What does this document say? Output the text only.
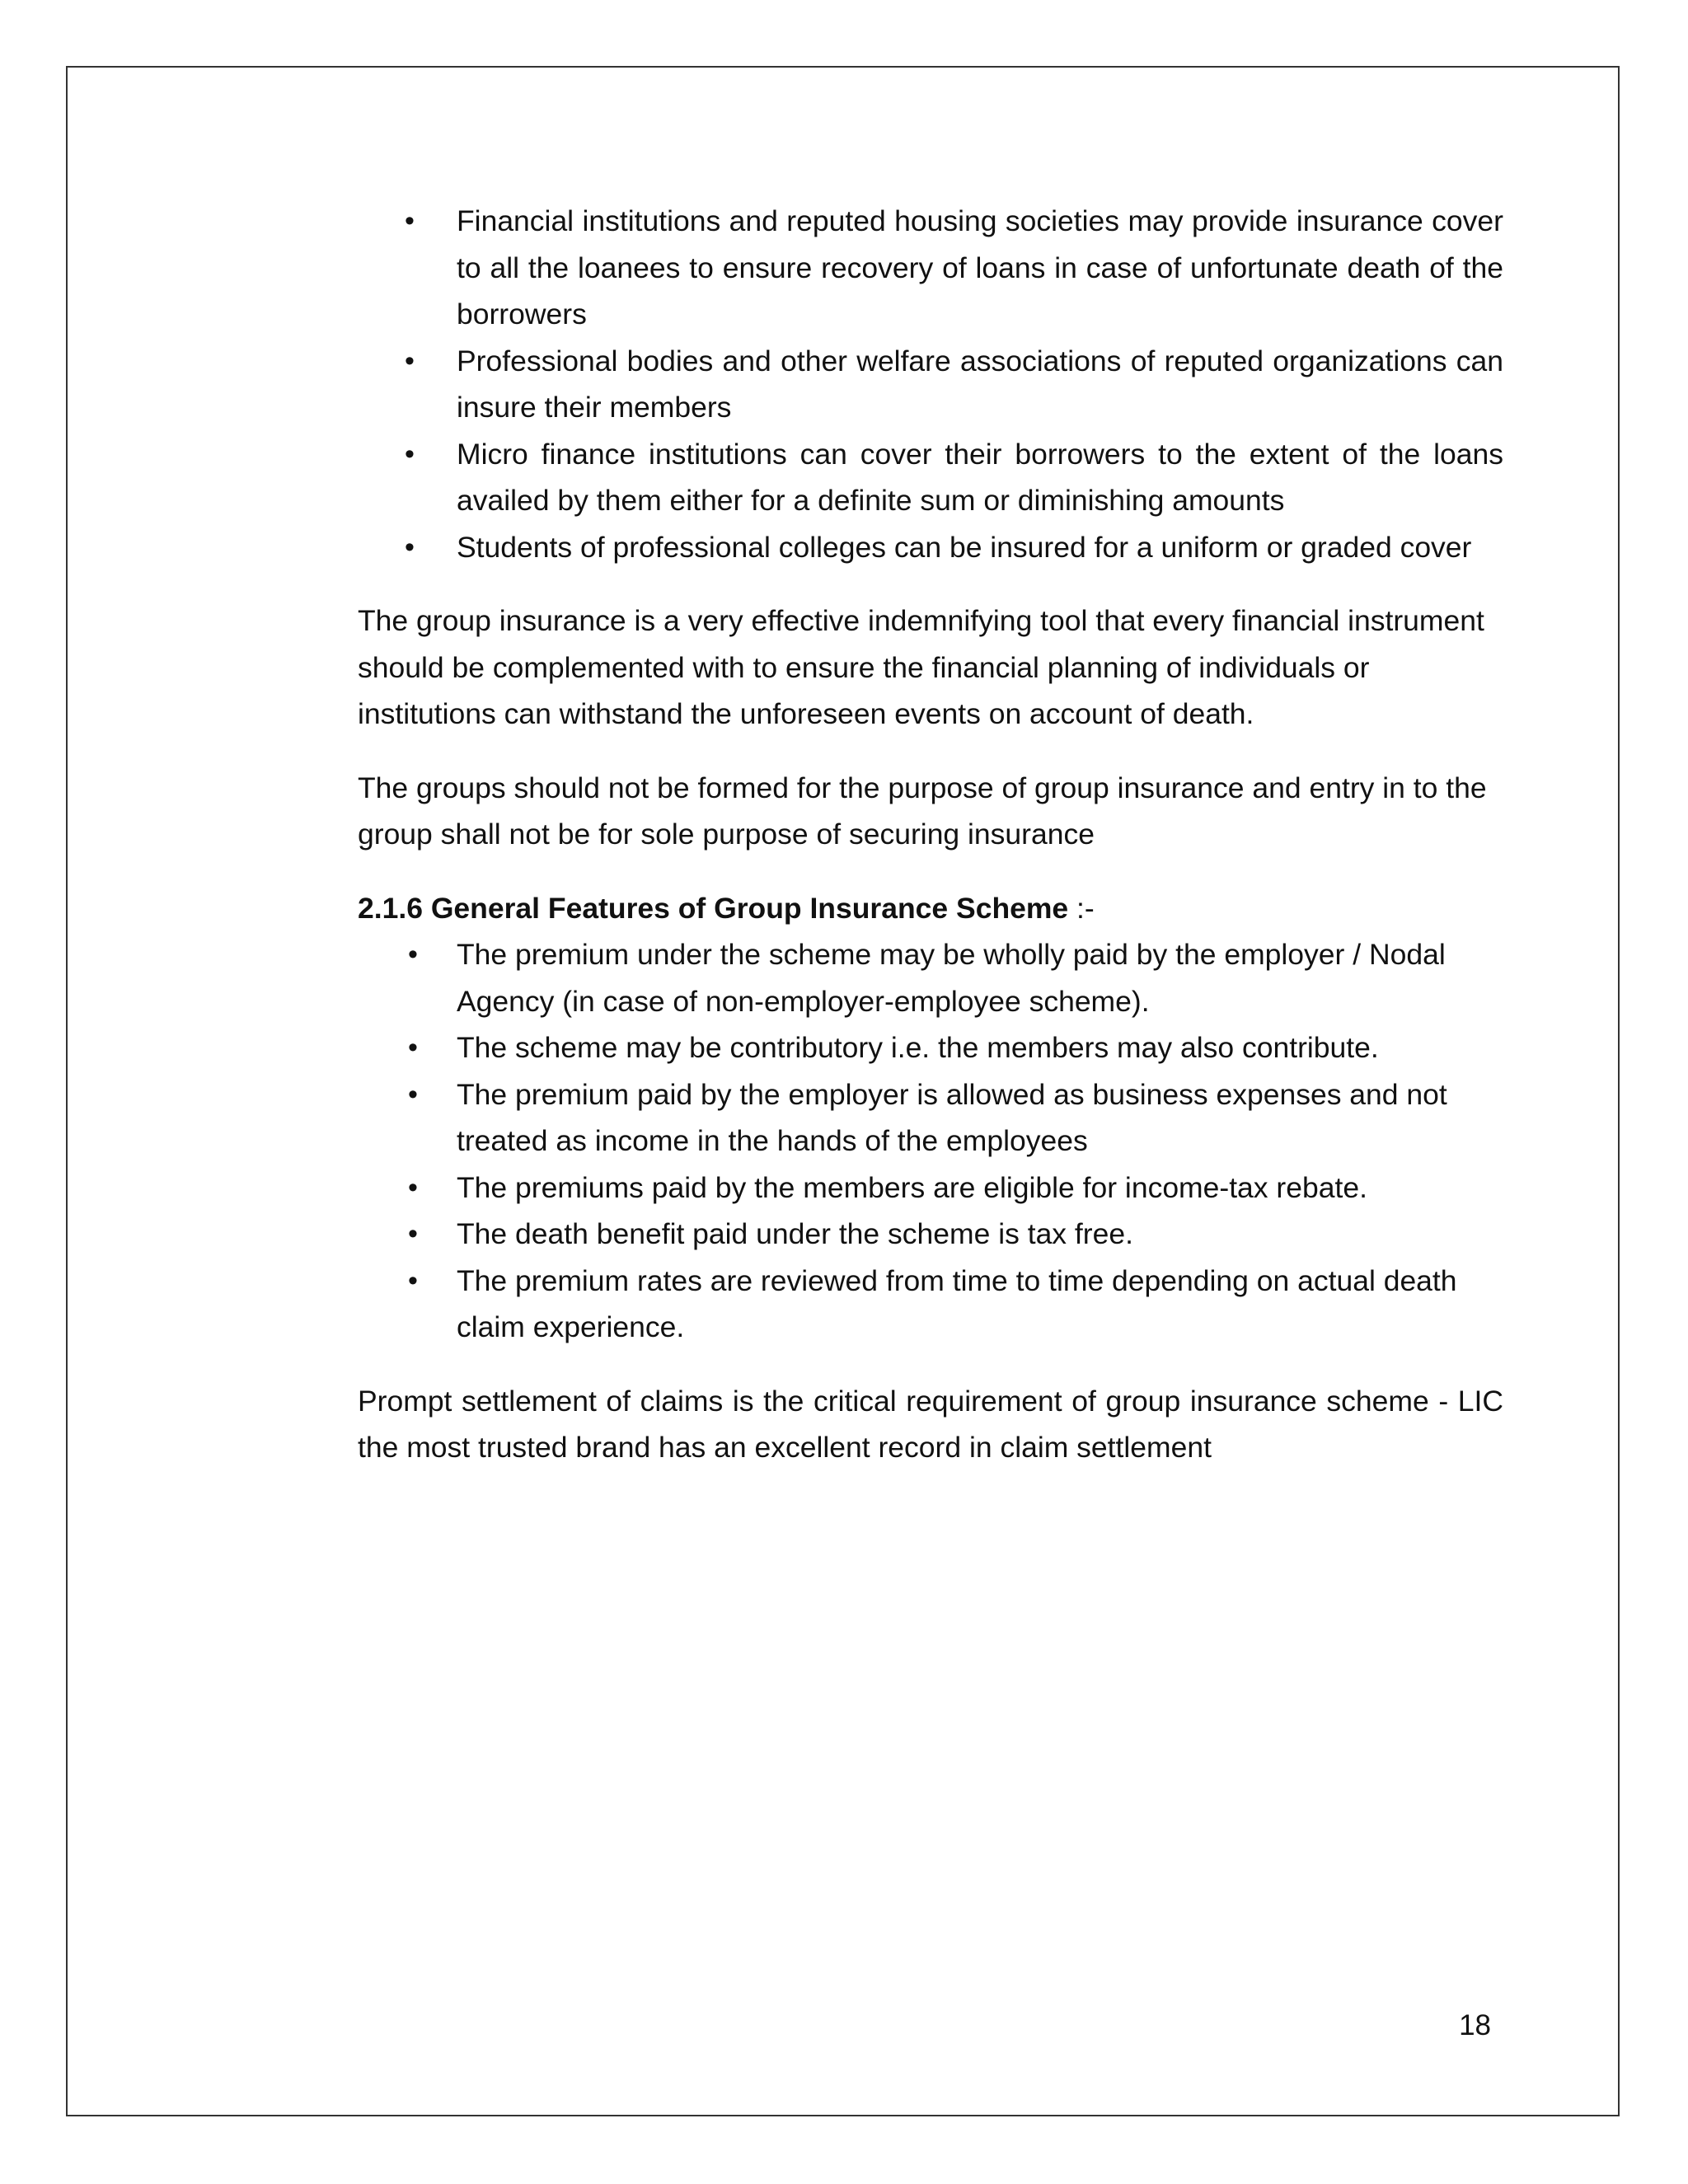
• Financial institutions and reputed housing societies may provide insurance cover to all the loanees to ensure recovery of loans in case of unfortunate death of the borrowers
• Professional bodies and other welfare associations of reputed organizations can insure their members
• Micro finance institutions can cover their borrowers to the extent of the loans availed by them either for a definite sum or diminishing amounts
• Students of professional colleges can be insured for a uniform or graded cover

The group insurance is a very effective indemnifying tool that every financial instrument should be complemented with to ensure the financial planning of individuals or institutions can withstand the unforeseen events on account of death.

The groups should not be formed for the purpose of group insurance and entry in to the group shall not be for sole purpose of securing insurance

2.1.6 General Features of Group Insurance Scheme :-

• The premium under the scheme may be wholly paid by the employer / Nodal Agency (in case of non-employer-employee scheme).
• The scheme may be contributory i.e. the members may also contribute.
• The premium paid by the employer is allowed as business expenses and not treated as income in the hands of the employees
• The premiums paid by the members are eligible for income-tax rebate.
• The death benefit paid under the scheme is tax free.
• The premium rates are reviewed from time to time depending on actual death claim experience.

Prompt settlement of claims is the critical requirement of group insurance scheme - LIC the most trusted brand has an excellent record in claim settlement

18
